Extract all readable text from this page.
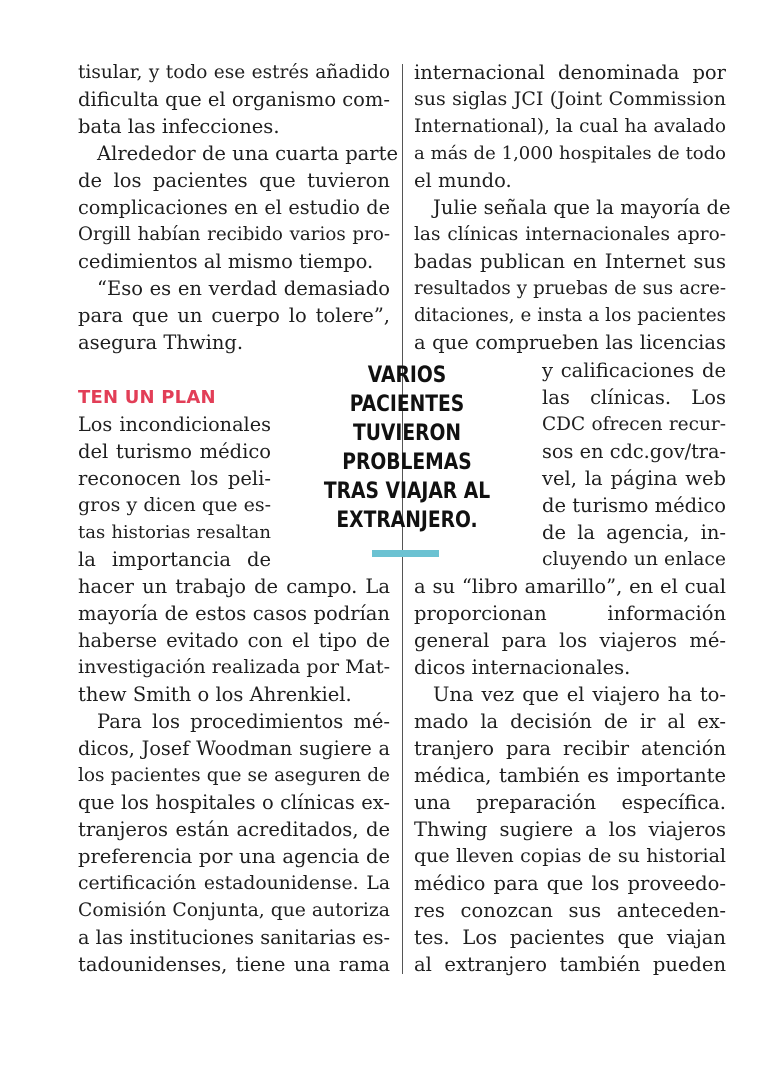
tisular, y todo ese estrés añadido

dificulta que el organismo com-

bata las infecciones.

Alrededor de una cuarta parte

de los pacientes que tuvieron

complicaciones en el estudio de

Orgill habían recibido varios pro-

cedimientos al mismo tiempo.

“Eso es en verdad demasiado

para que un cuerpo lo tolere”,

asegura Thwing.

TEN UN PLAN

Los incondicionales

del turismo médico

reconocen los peli-

gros y dicen que es-

tas historias resaltan

la importancia de

hacer un trabajo de campo. La

mayoría de estos casos podrían

haberse evitado con el tipo de

investigación realizada por Mat-

thew Smith o los Ahrenkiel.

Para los procedimientos mé-

dicos, Josef Woodman sugiere a

los pacientes que se aseguren de

que los hospitales o clínicas ex-

tranjeros están acreditados, de

preferencia por una agencia de

certificación estadounidense. La

Comisión Conjunta, que autoriza

a las instituciones sanitarias es-

tadounidenses, tiene una rama

internacional denominada por

sus siglas JCI (Joint Commission

International), la cual ha avalado

a más de 1,000 hospitales de todo

el mundo.

Julie señala que la mayoría de

las clínicas internacionales apro-

badas publican en Internet sus

resultados y pruebas de sus acre-

ditaciones, e insta a los pacientes

a que comprueben las licencias

y calificaciones de

las clínicas. Los

CDC ofrecen recur-

sos en cdc.gov/tra-

vel, la página web

de turismo médico

de la agencia, in-

cluyendo un enlace

a su “libro amarillo”, en el cual

proporcionan información

general para los viajeros mé-

dicos internacionales.

Una vez que el viajero ha to-

mado la decisión de ir al ex-

tranjero para recibir atención

médica, también es importante

una preparación específica.

Thwing sugiere a los viajeros

que lleven copias de su historial

médico para que los proveedo-

res conozcan sus anteceden-

tes. Los pacientes que viajan

al extranjero también pueden

VARIOS
PACIENTES
TUVIERON
PROBLEMAS
TRAS VIAJAR AL
EXTRANJERO.
